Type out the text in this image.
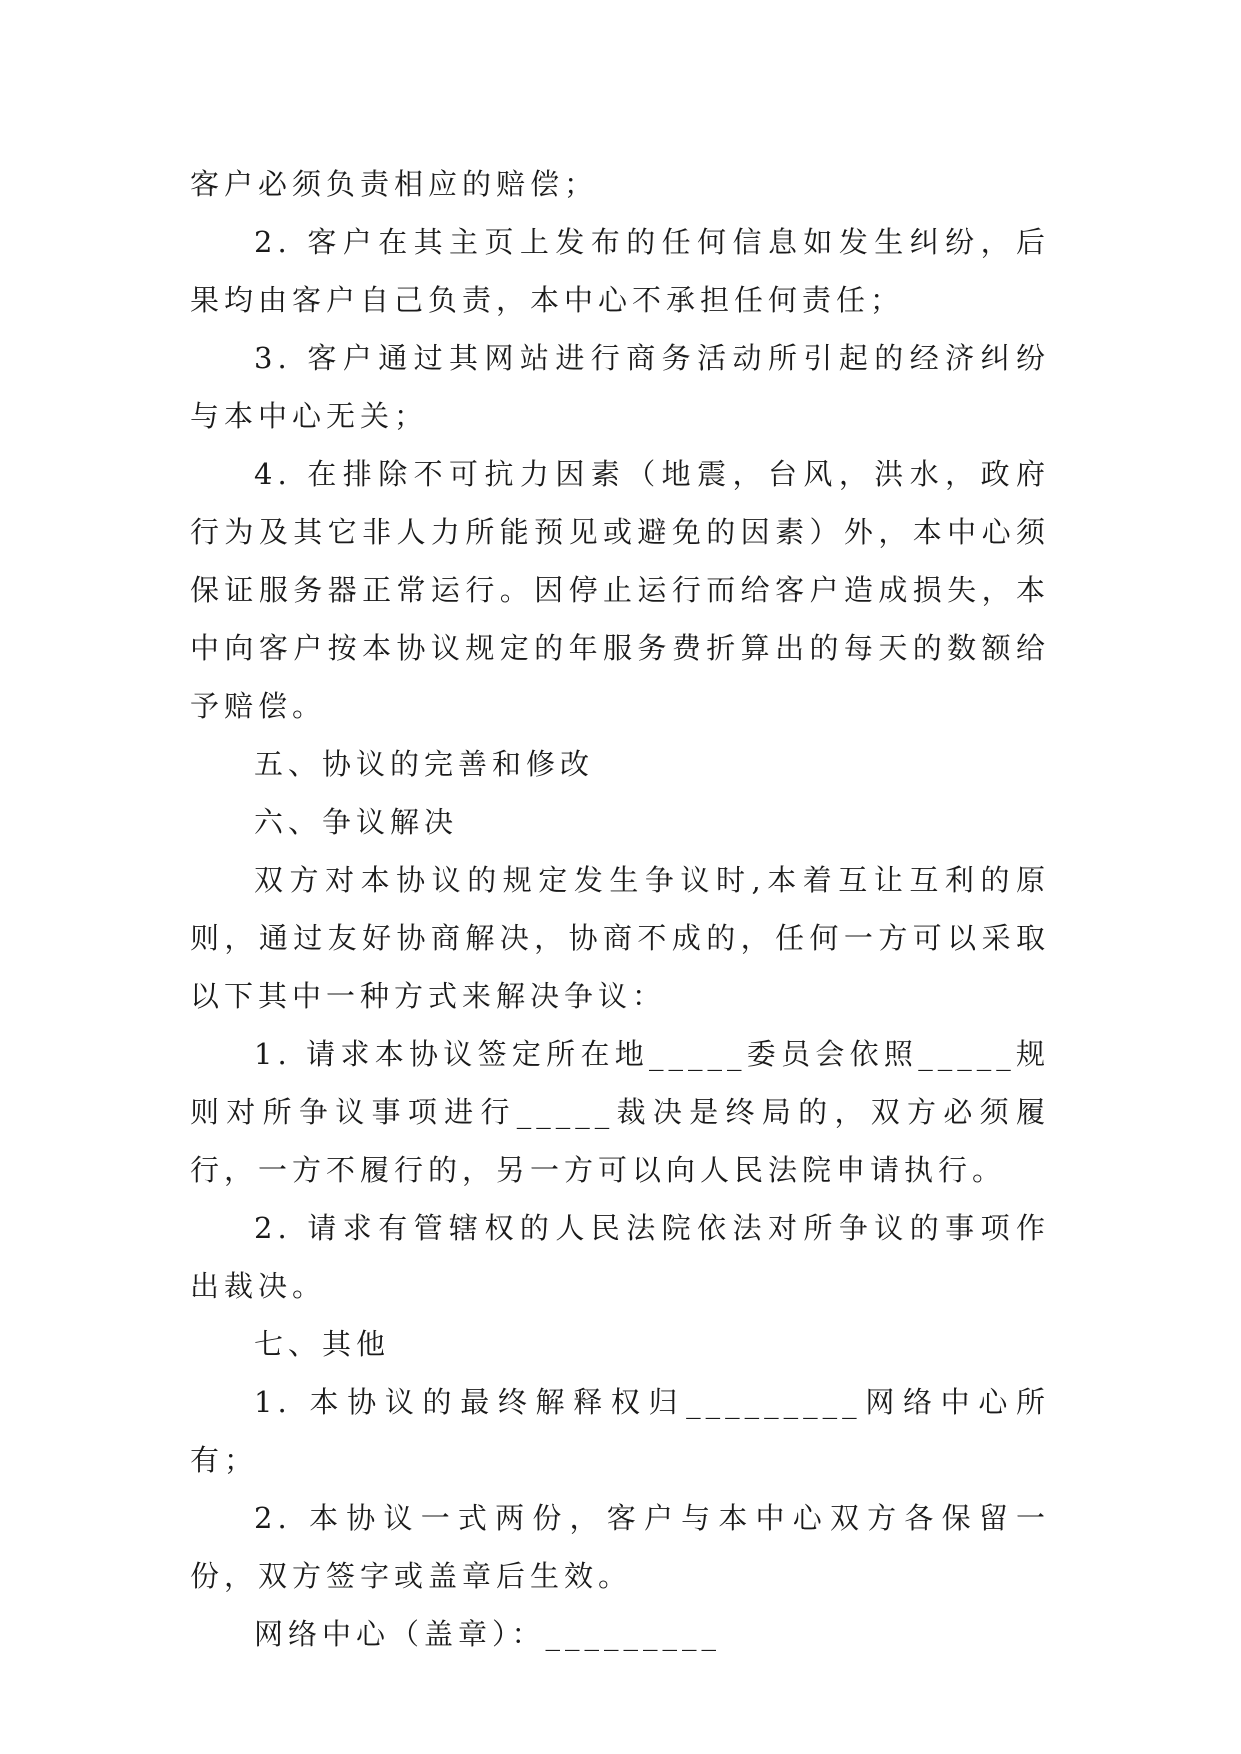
客户必须负责相应的赔偿；

2. 客户在其主页上发布的任何信息如发生纠纷，后果均由客户自己负责，本中心不承担任何责任；

3. 客户通过其网站进行商务活动所引起的经济纠纷与本中心无关；

4. 在排除不可抗力因素（地震，台风，洪水，政府行为及其它非人力所能预见或避免的因素）外，本中心须保证服务器正常运行。因停止运行而给客户造成损失，本中向客户按本协议规定的年服务费折算出的每天的数额给予赔偿。

五、协议的完善和修改

六、争议解决

双方对本协议的规定发生争议时,本着互让互利的原则，通过友好协商解决，协商不成的，任何一方可以采取以下其中一种方式来解决争议：

1. 请求本协议签定所在地_____委员会依照_____规则对所争议事项进行_____裁决是终局的，双方必须履行，一方不履行的，另一方可以向人民法院申请执行。

2. 请求有管辖权的人民法院依法对所争议的事项作出裁决。

七、其他

1. 本协议的最终解释权归_________网络中心所有；

2. 本协议一式两份，客户与本中心双方各保留一份，双方签字或盖章后生效。

网络中心（盖章）：_________
